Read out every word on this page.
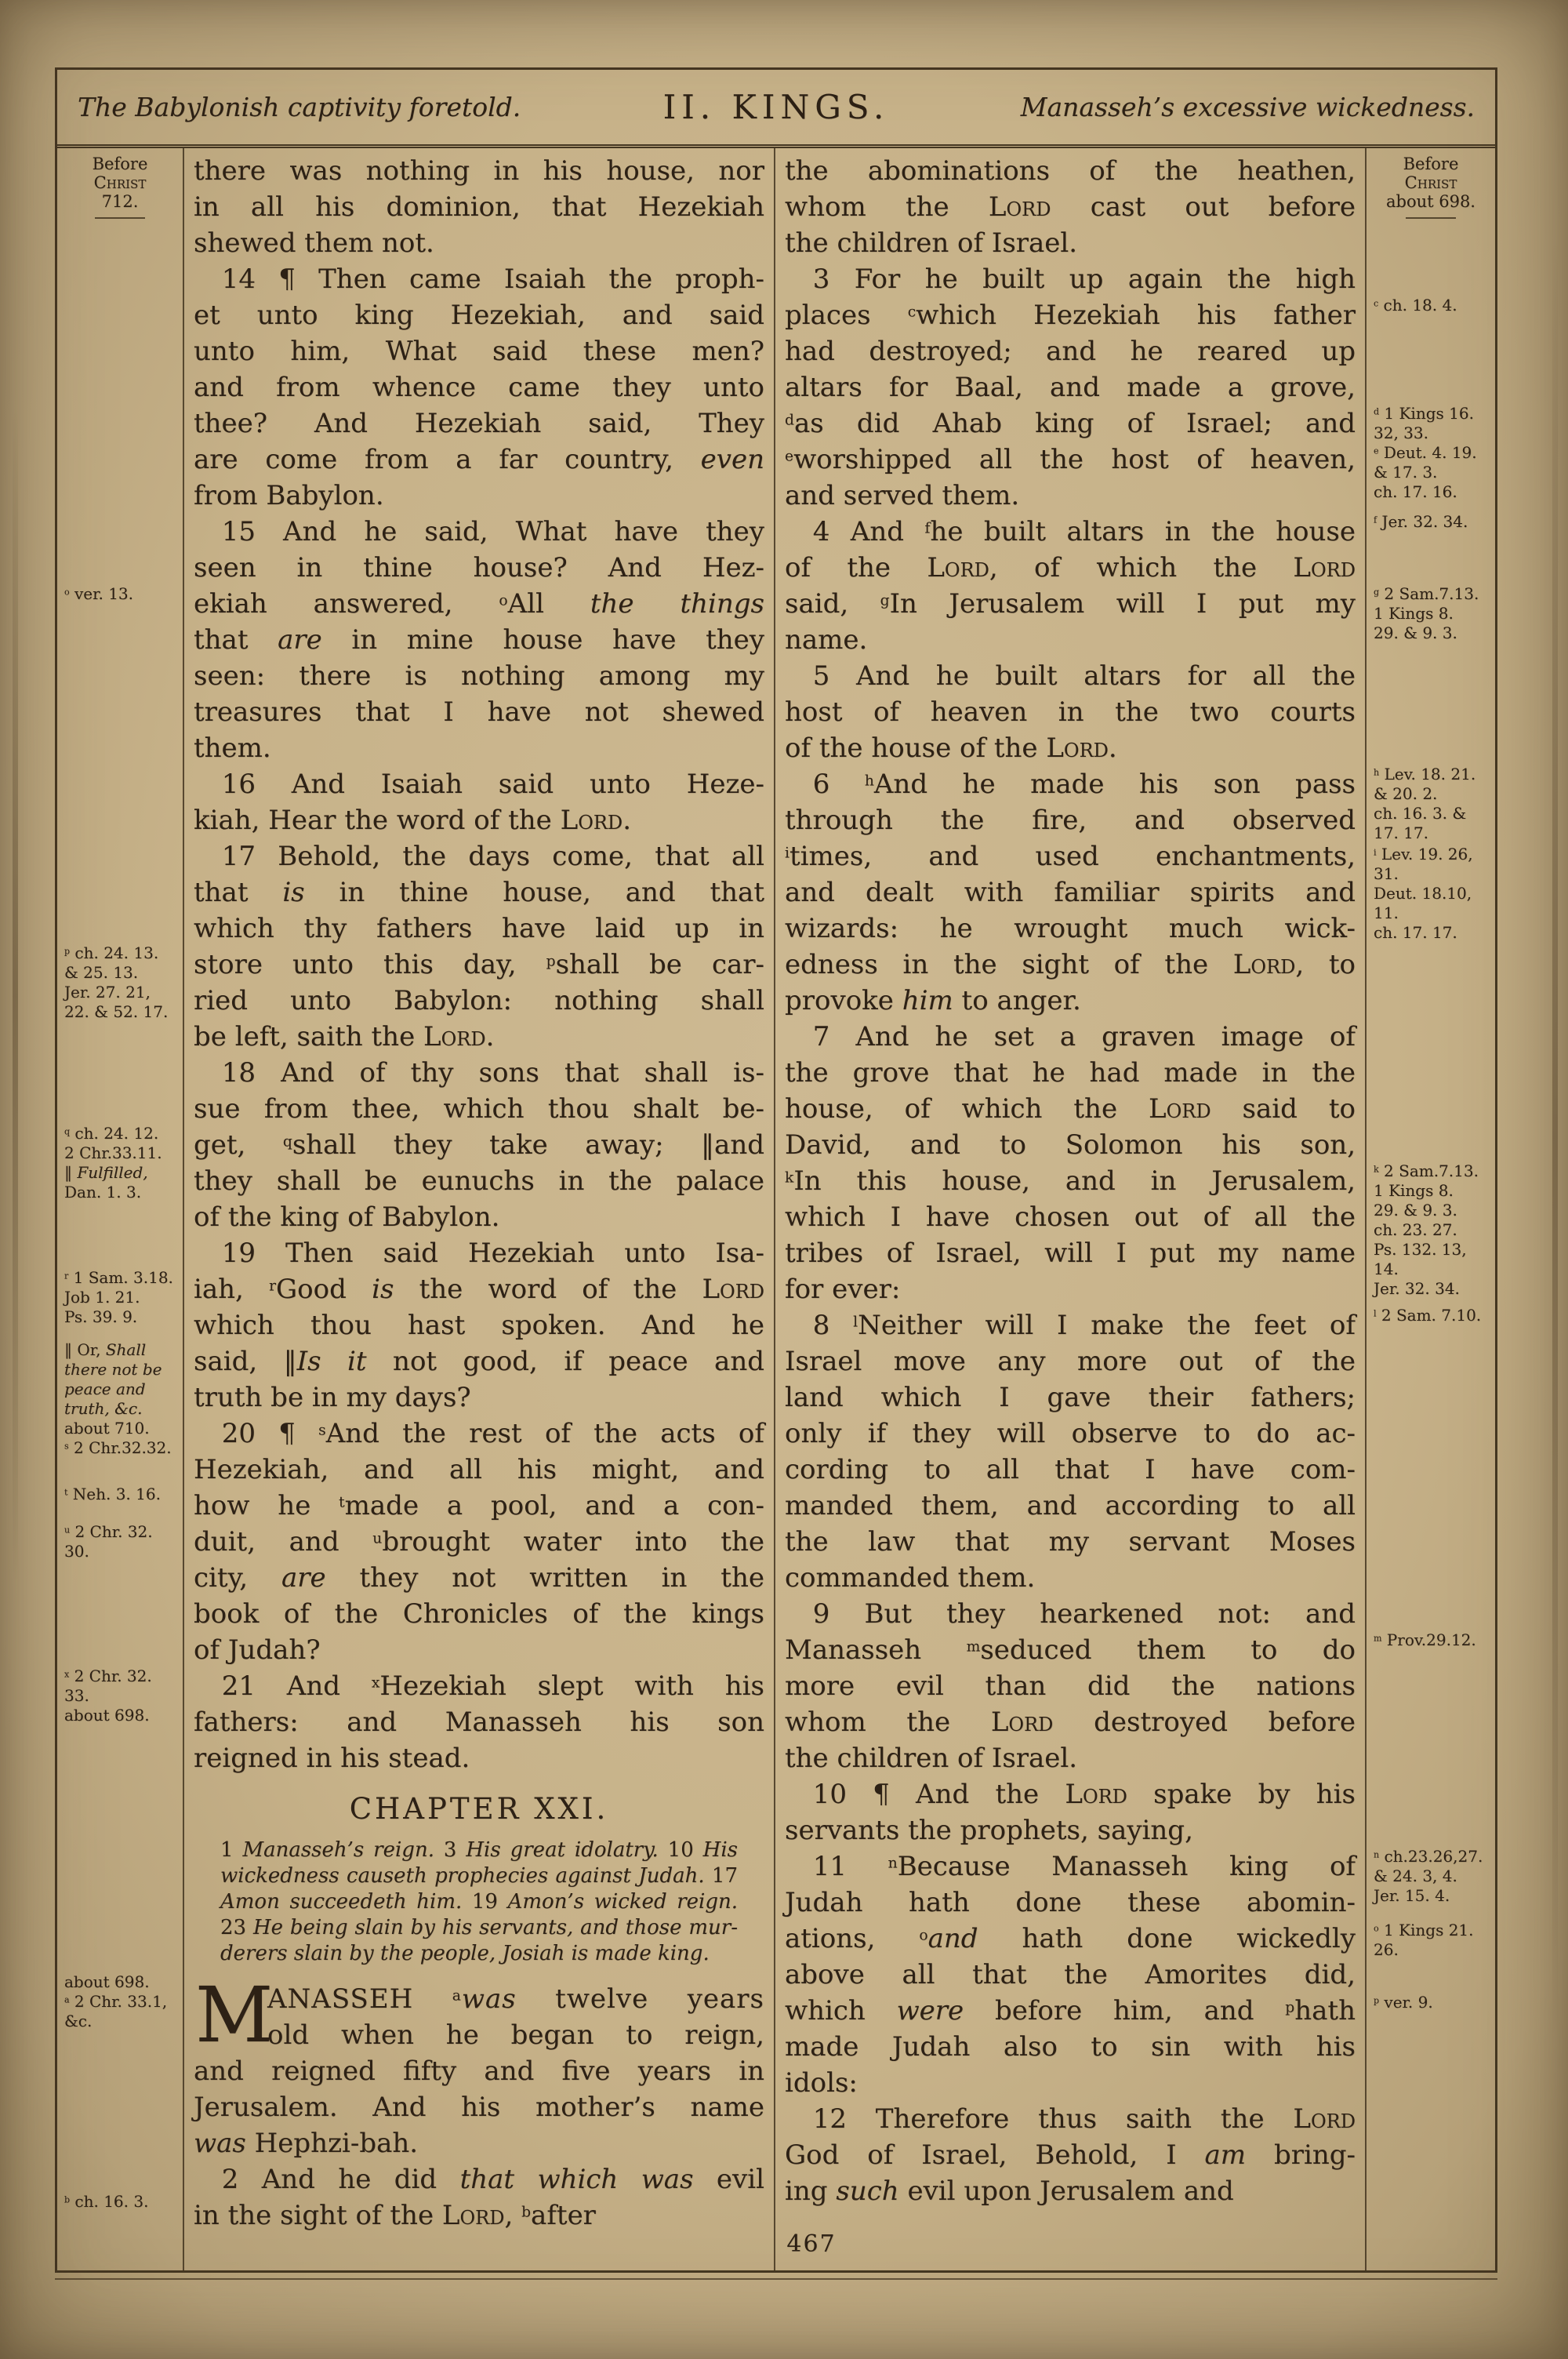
The Babylonish captivity foretold.	II. KINGS.	Manasseh’s excessive wickedness.
Before
Christ
712.
$^o$ ver. 13.
$^p$ ch. 24. 13.
& 25. 13.
Jer. 27. 21,
22. & 52. 17.
$^q$ ch. 24. 12.
2 Chr.33.11.
‖ Fulfilled,
Dan. 1. 3.
$^r$ 1 Sam. 3.18.
Job 1. 21.
Ps. 39. 9.
‖ Or, Shall
there not be
peace and
truth, &c.
about 710.
$^s$ 2 Chr.32.32.
$^t$ Neh. 3. 16.
$^u$ 2 Chr. 32.
30.
$^x$ 2 Chr. 32.
33.
about 698.
about 698.
$^a$ 2 Chr. 33.1,
&c.
$^b$ ch. 16. 3.
there was nothing in his house, nor
in all his dominion, that Hezekiah
shewed them not.
14 ¶ Then came Isaiah the proph-
et unto king Hezekiah, and said
unto him, What said these men?
and from whence came they unto
thee? And Hezekiah said, They
are come from a far country, even
from Babylon.
15 And he said, What have they
seen in thine house? And Hez-
ekiah answered, $^o$All the things
that are in mine house have they
seen: there is nothing among my
treasures that I have not shewed
them.
16 And Isaiah said unto Heze-
kiah, Hear the word of the Lord.
17 Behold, the days come, that all
that is in thine house, and that
which thy fathers have laid up in
store unto this day, $^p$shall be car-
ried unto Babylon: nothing shall
be left, saith the Lord.
18 And of thy sons that shall is-
sue from thee, which thou shalt be-
get, $^q$shall they take away; ‖and
they shall be eunuchs in the palace
of the king of Babylon.
19 Then said Hezekiah unto Isa-
iah, $^r$Good is the word of the Lord
which thou hast spoken. And he
said, ‖Is it not good, if peace and
truth be in my days?
20 ¶ $^s$And the rest of the acts of
Hezekiah, and all his might, and
how he $^t$made a pool, and a con-
duit, and $^u$brought water into the
city, are they not written in the
book of the Chronicles of the kings
of Judah?
21 And $^x$Hezekiah slept with his
fathers: and Manasseh his son
reigned in his stead.
CHAPTER XXI.
1 Manasseh’s reign. 3 His great idolatry. 10 His
wickedness causeth prophecies against Judah. 17
Amon succeedeth him. 19 Amon’s wicked reign.
23 He being slain by his servants, and those mur-
derers slain by the people, Josiah is made king.
M
ANASSEH $^a$was twelve years
old when he began to reign,
and reigned fifty and five years in
Jerusalem. And his mother’s name
was Hephzi-bah.
2 And he did that which was evil
in the sight of the Lord, $^b$after
the abominations of the heathen,
whom the Lord cast out before
the children of Israel.
3 For he built up again the high
places $^c$which Hezekiah his father
had destroyed; and he reared up
altars for Baal, and made a grove,
$^d$as did Ahab king of Israel; and
$^e$worshipped all the host of heaven,
and served them.
4 And $^f$he built altars in the house
of the Lord, of which the Lord
said, $^g$In Jerusalem will I put my
name.
5 And he built altars for all the
host of heaven in the two courts
of the house of the Lord.
6 $^h$And he made his son pass
through the fire, and observed
$^i$times, and used enchantments,
and dealt with familiar spirits and
wizards: he wrought much wick-
edness in the sight of the Lord, to
provoke him to anger.
7 And he set a graven image of
the grove that he had made in the
house, of which the Lord said to
David, and to Solomon his son,
$^k$In this house, and in Jerusalem,
which I have chosen out of all the
tribes of Israel, will I put my name
for ever:
8 $^l$Neither will I make the feet of
Israel move any more out of the
land which I gave their fathers;
only if they will observe to do ac-
cording to all that I have com-
manded them, and according to all
the law that my servant Moses
commanded them.
9 But they hearkened not: and
Manasseh $^m$seduced them to do
more evil than did the nations
whom the Lord destroyed before
the children of Israel.
10 ¶ And the Lord spake by his
servants the prophets, saying,
11 $^n$Because Manasseh king of
Judah hath done these abomin-
ations, $^o$and hath done wickedly
above all that the Amorites did,
which were before him, and $^p$hath
made Judah also to sin with his
idols:
12 Therefore thus saith the Lord
God of Israel, Behold, I am bring-
ing such evil upon Jerusalem and
Before
Christ
about 698.
$^c$ ch. 18. 4.
$^d$ 1 Kings 16.
32, 33.
$^e$ Deut. 4. 19.
& 17. 3.
ch. 17. 16.
$^f$ Jer. 32. 34.
$^g$ 2 Sam.7.13.
1 Kings 8.
29. & 9. 3.
$^h$ Lev. 18. 21.
& 20. 2.
ch. 16. 3. &
17. 17.
$^i$ Lev. 19. 26,
31.
Deut. 18.10,
11.
ch. 17. 17.
$^k$ 2 Sam.7.13.
1 Kings 8.
29. & 9. 3.
ch. 23. 27.
Ps. 132. 13,
14.
Jer. 32. 34.
$^l$ 2 Sam. 7.10.
$^m$ Prov.29.12.
$^n$ ch.23.26,27.
& 24. 3, 4.
Jer. 15. 4.
$^o$ 1 Kings 21.
26.
$^p$ ver. 9.
467
